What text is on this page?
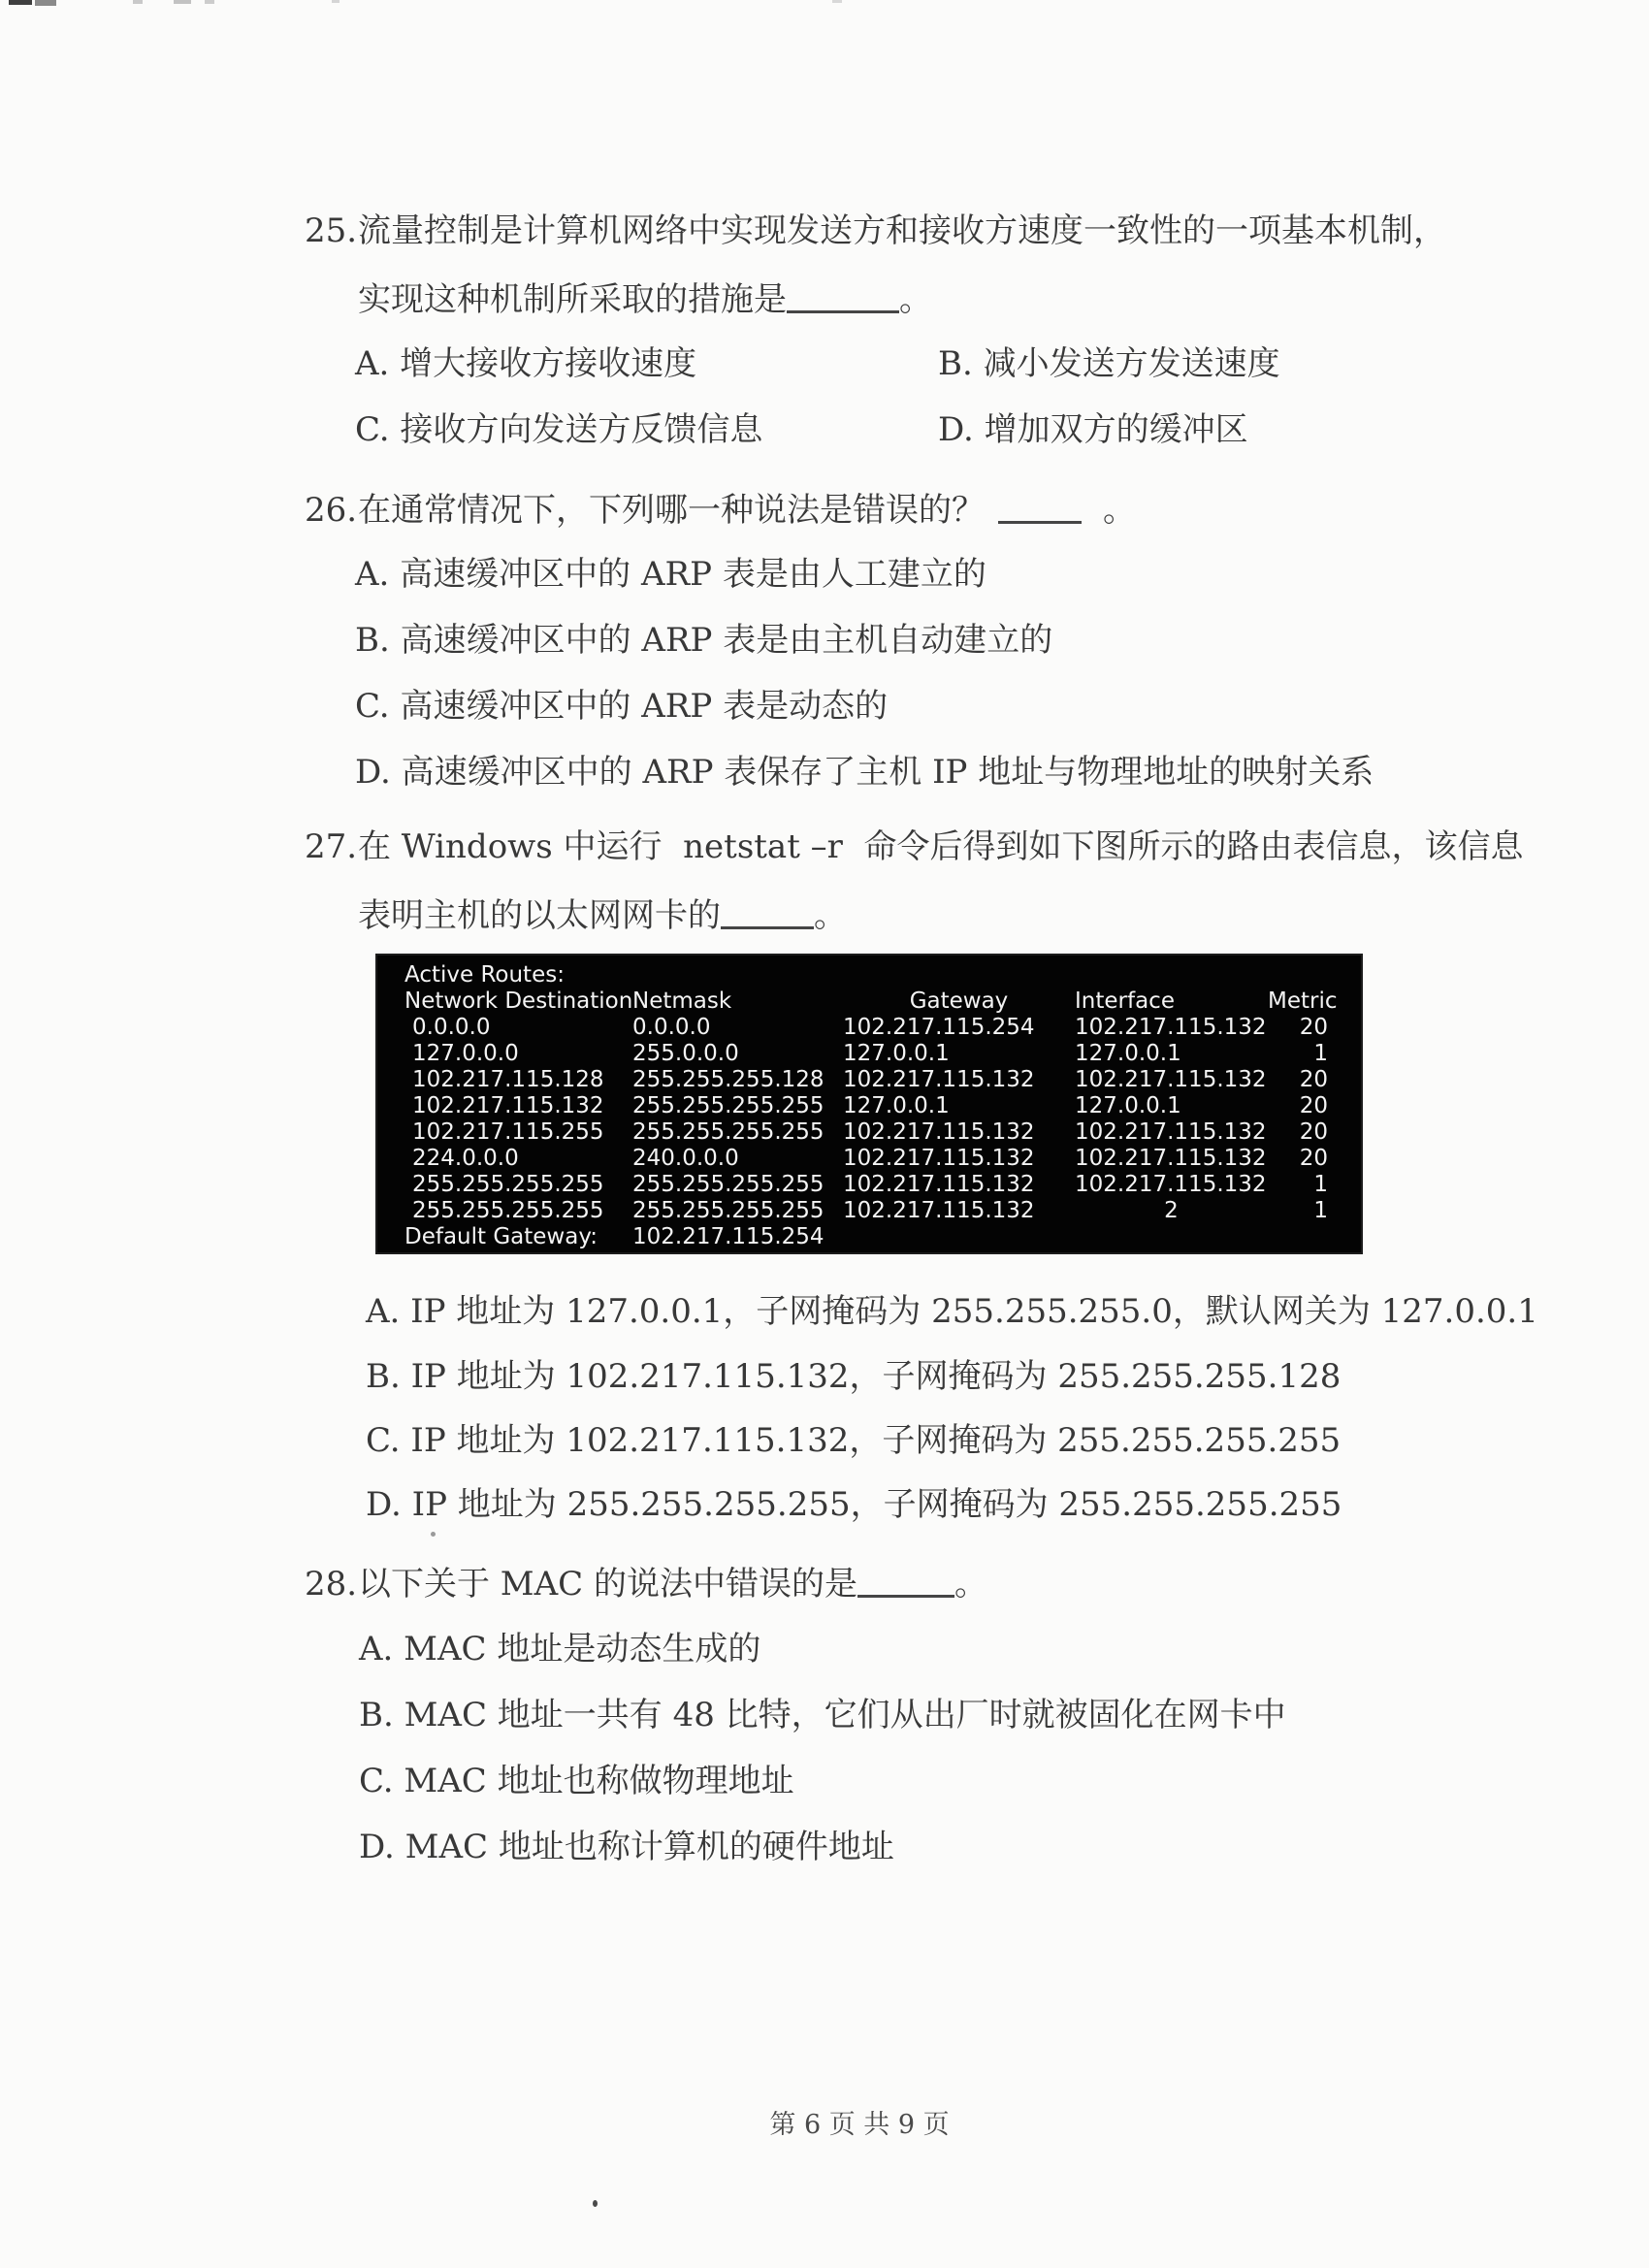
25.流量控制是计算机网络中实现发送方和接收方速度一致性的一项基本机制，
实现这种机制所采取的措施是	。
A. 增大接收方接收速度	B. 减小发送方发送速度
C. 接收方向发送方反馈信息	D. 增加双方的缓冲区
26.在通常情况下，下列哪一种说法是错误的？	。
A. 高速缓冲区中的 ARP 表是由人工建立的
B. 高速缓冲区中的 ARP 表是由主机自动建立的
C. 高速缓冲区中的 ARP 表是动态的
D. 高速缓冲区中的 ARP 表保存了主机 IP 地址与物理地址的映射关系
27.在 Windows 中运行  netstat –r  命令后得到如下图所示的路由表信息，该信息
表明主机的以太网网卡的	。
Active Routes:
Network Destination Netmask	Gateway	Interface	Metric
0.0.0.0	0.0.0.0	102.217.115.254	102.217.115.132	20
127.0.0.0	255.0.0.0	127.0.0.1	127.0.0.1	1
102.217.115.128	255.255.255.128 102.217.115.132	102.217.115.132	20
102.217.115.132	255.255.255.255 127.0.0.1	127.0.0.1	20
102.217.115.255	255.255.255.255 102.217.115.132	102.217.115.132	20
224.0.0.0	240.0.0.0	102.217.115.132	102.217.115.132	20
255.255.255.255	255.255.255.255 102.217.115.132	102.217.115.132	1
255.255.255.255	255.255.255.255 102.217.115.132	2	1
Default Gateway:	102.217.115.254
A. IP 地址为 127.0.0.1，子网掩码为 255.255.255.0，默认网关为 127.0.0.1
B. IP 地址为 102.217.115.132，子网掩码为 255.255.255.128
C. IP 地址为 102.217.115.132，子网掩码为 255.255.255.255
D. IP 地址为 255.255.255.255，子网掩码为 255.255.255.255
28.以下关于 MAC 的说法中错误的是	。
A. MAC 地址是动态生成的
B. MAC 地址一共有 48 比特，它们从出厂时就被固化在网卡中
C. MAC 地址也称做物理地址
D. MAC 地址也称计算机的硬件地址
第 6 页 共 9 页
